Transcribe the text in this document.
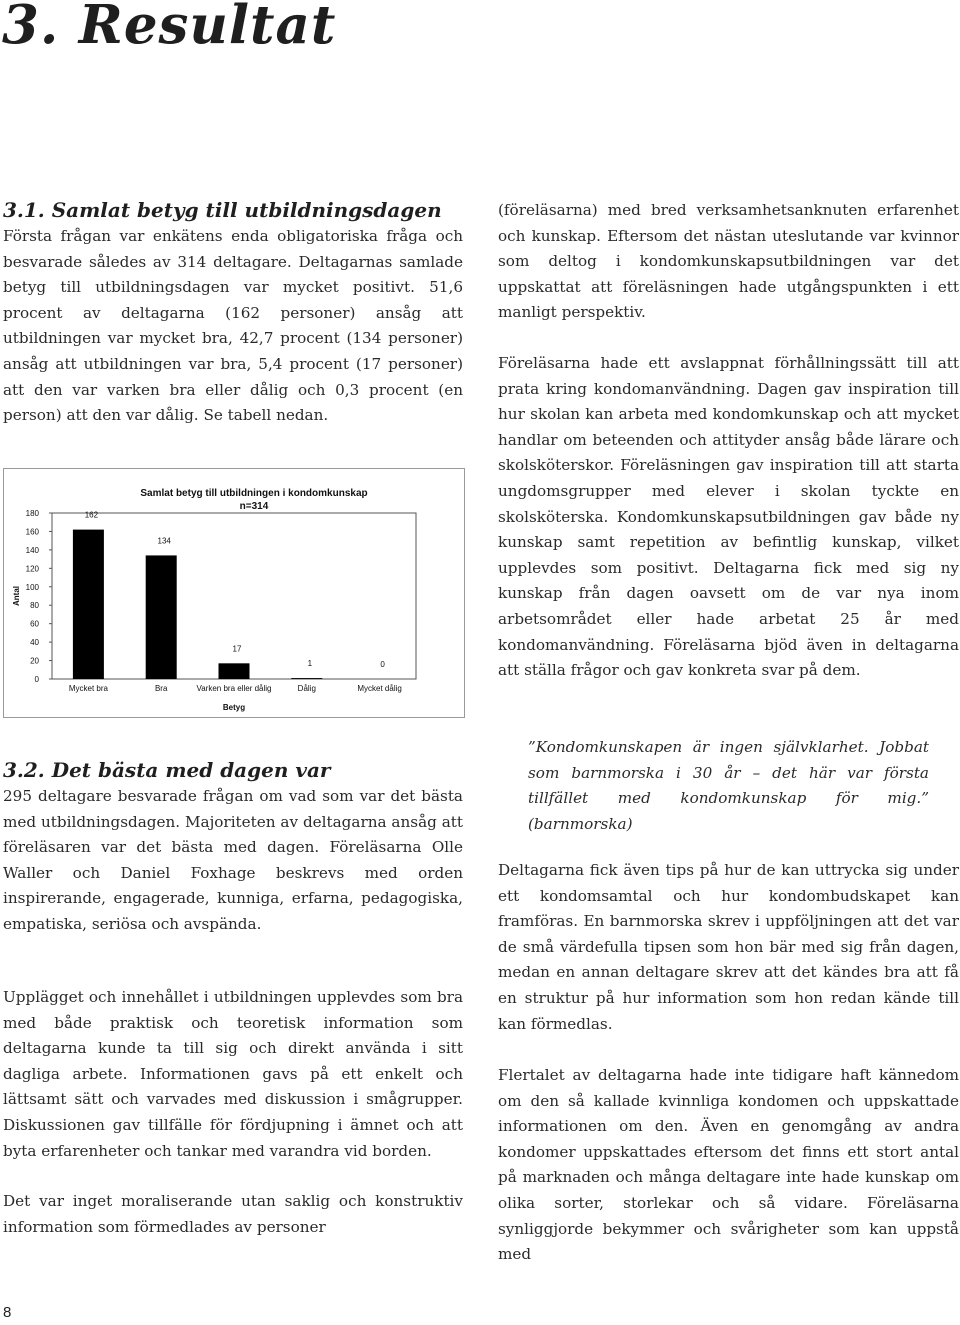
3. Resultat
3.1. Samlat betyg till utbildningsdagen

Första frågan var enkätens enda obligatoriska fråga och besvarade således av 314 deltagare. Deltagarnas samlade betyg till utbildningsdagen var mycket positivt. 51,6 procent av deltagarna (162 personer) ansåg att utbildningen var mycket bra, 42,7 procent (134 personer) ansåg att utbildningen var bra, 5,4 procent (17 personer) att den var varken bra eller dålig och 0,3 procent (en person) att den var dålig. Se tabell nedan.

Samlat betyg till utbildningen i kondomkunskap
n=314
0
20
40
60
80
100
120
140
160
180
Antal
162
Mycket bra
134
Bra
17
Varken bra eller dålig
1
Dålig
0
Mycket dålig
Betyg
3.2. Det bästa med dagen var

295 deltagare besvarade frågan om vad som var det bästa med utbildningsdagen. Majoriteten av deltagarna ansåg att föreläsaren var det bästa med dagen. Föreläsarna Olle Waller och Daniel Foxhage beskrevs med orden inspirerande, engagerade, kunniga, erfarna, pedagogiska, empatiska, seriösa och avspända.

Upplägget och innehållet i utbildningen upplevdes som bra med både praktisk och teoretisk information som deltagarna kunde ta till sig och direkt använda i sitt dagliga arbete. Informationen gavs på ett enkelt och lättsamt sätt och varvades med diskussion i smågrupper. Diskussionen gav tillfälle för fördjupning i ämnet och att byta erfarenheter och tankar med varandra vid borden.

Det var inget moraliserande utan saklig och konstruktiv information som förmedlades av personer

(föreläsarna) med bred verksamhetsanknuten erfarenhet och kunskap. Eftersom det nästan uteslutande var kvinnor som deltog i kondomkunskapsutbildningen var det uppskattat att föreläsningen hade utgångspunkten i ett manligt perspektiv.

Föreläsarna hade ett avslappnat förhållningssätt till att prata kring kondomanvändning. Dagen gav inspiration till hur skolan kan arbeta med kondomkunskap och att mycket handlar om beteenden och attityder ansåg både lärare och skolsköterskor. Föreläsningen gav inspiration till att starta ungdomsgrupper med elever i skolan tyckte en skolsköterska. Kondomkunskapsutbildningen gav både ny kunskap samt repetition av befintlig kunskap, vilket upplevdes som positivt. Deltagarna fick med sig ny kunskap från dagen oavsett om de var nya inom arbetsområdet eller hade arbetat 25 år med kondomanvändning. Föreläsarna bjöd även in deltagarna att ställa frågor och gav konkreta svar på dem.

”Kondomkunskapen är ingen självklarhet. Jobbat som barnmorska i 30 år – det här var första tillfället med kondomkunskap för mig.” (barnmorska)

Deltagarna fick även tips på hur de kan uttrycka sig under ett kondomsamtal och hur kondombudskapet kan framföras. En barnmorska skrev i uppföljningen att det var de små värdefulla tipsen som hon bär med sig från dagen, medan en annan deltagare skrev att det kändes bra att få en struktur på hur information som hon redan kände till kan förmedlas.

Flertalet av deltagarna hade inte tidigare haft kännedom om den så kallade kvinnliga kondomen och uppskattade informationen om den. Även en genomgång av andra kondomer uppskattades eftersom det finns ett stort antal på marknaden och många deltagare inte hade kunskap om olika sorter, storlekar och så vidare. Föreläsarna synliggjorde bekymmer och svårigheter som kan uppstå med

8
